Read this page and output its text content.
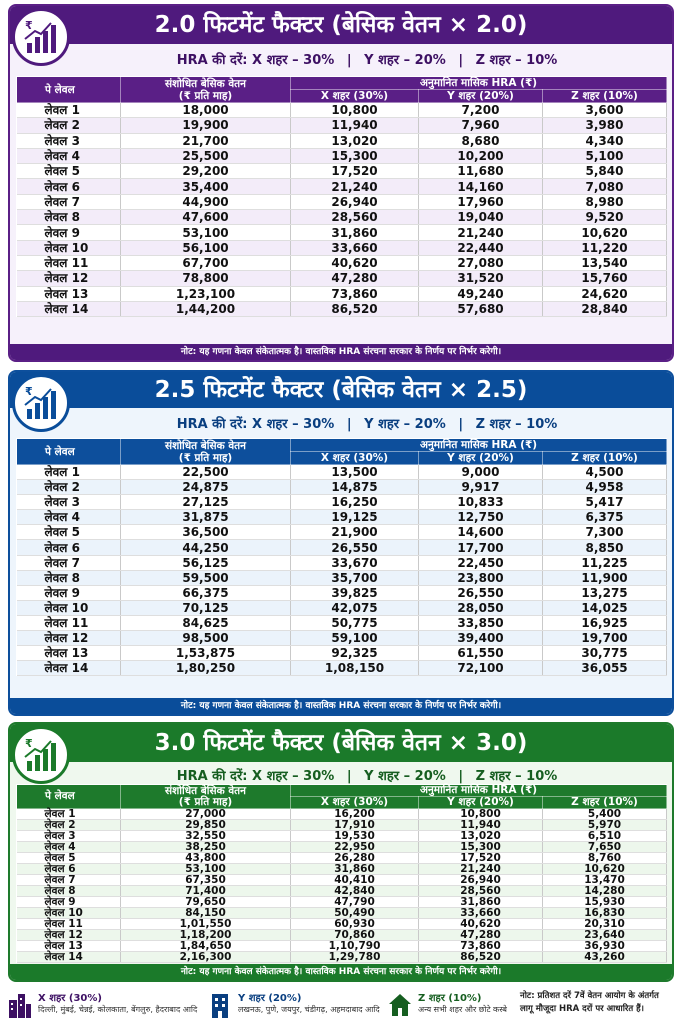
₹	2.0 फिटमेंट फैक्टर (बेसिक वेतन × 2.0)
HRA की दरें: X शहर – 30% | Y शहर – 20% | Z शहर – 10%
पे लेवल	संशोधित बेसिक वेतन
(₹ प्रति माह)	अनुमानित मासिक HRA (₹)		
		X शहर (30%)	Y शहर (20%)	Z शहर (10%)
लेवल 1	18,000	10,800	7,200	3,600
लेवल 2	19,900	11,940	7,960	3,980
लेवल 3	21,700	13,020	8,680	4,340
लेवल 4	25,500	15,300	10,200	5,100
लेवल 5	29,200	17,520	11,680	5,840
लेवल 6	35,400	21,240	14,160	7,080
लेवल 7	44,900	26,940	17,960	8,980
लेवल 8	47,600	28,560	19,040	9,520
लेवल 9	53,100	31,860	21,240	10,620
लेवल 10	56,100	33,660	22,440	11,220
लेवल 11	67,700	40,620	27,080	13,540
लेवल 12	78,800	47,280	31,520	15,760
लेवल 13	1,23,100	73,860	49,240	24,620
लेवल 14	1,44,200	86,520	57,680	28,840
नोट: यह गणना केवल संकेतात्मक है। वास्तविक HRA संरचना सरकार के निर्णय पर निर्भर करेगी।
₹	2.5 फिटमेंट फैक्टर (बेसिक वेतन × 2.5)
HRA की दरें: X शहर – 30% | Y शहर – 20% | Z शहर – 10%
पे लेवल	संशोधित बेसिक वेतन
(₹ प्रति माह)	अनुमानित मासिक HRA (₹)		
		X शहर (30%)	Y शहर (20%)	Z शहर (10%)
लेवल 1	22,500	13,500	9,000	4,500
लेवल 2	24,875	14,875	9,917	4,958
लेवल 3	27,125	16,250	10,833	5,417
लेवल 4	31,875	19,125	12,750	6,375
लेवल 5	36,500	21,900	14,600	7,300
लेवल 6	44,250	26,550	17,700	8,850
लेवल 7	56,125	33,670	22,450	11,225
लेवल 8	59,500	35,700	23,800	11,900
लेवल 9	66,375	39,825	26,550	13,275
लेवल 10	70,125	42,075	28,050	14,025
लेवल 11	84,625	50,775	33,850	16,925
लेवल 12	98,500	59,100	39,400	19,700
लेवल 13	1,53,875	92,325	61,550	30,775
लेवल 14	1,80,250	1,08,150	72,100	36,055
नोट: यह गणना केवल संकेतात्मक है। वास्तविक HRA संरचना सरकार के निर्णय पर निर्भर करेगी।
₹	3.0 फिटमेंट फैक्टर (बेसिक वेतन × 3.0)
HRA की दरें: X शहर – 30% | Y शहर – 20% | Z शहर – 10%
पे लेवल	संशोधित बेसिक वेतन
(₹ प्रति माह)	अनुमानित मासिक HRA (₹)		
		X शहर (30%)	Y शहर (20%)	Z शहर (10%)
लेवल 1	27,000	16,200	10,800	5,400
लेवल 2	29,850	17,910	11,940	5,970
लेवल 3	32,550	19,530	13,020	6,510
लेवल 4	38,250	22,950	15,300	7,650
लेवल 5	43,800	26,280	17,520	8,760
लेवल 6	53,100	31,860	21,240	10,620
लेवल 7	67,350	40,410	26,940	13,470
लेवल 8	71,400	42,840	28,560	14,280
लेवल 9	79,650	47,790	31,860	15,930
लेवल 10	84,150	50,490	33,660	16,830
लेवल 11	1,01,550	60,930	40,620	20,310
लेवल 12	1,18,200	70,860	47,280	23,640
लेवल 13	1,84,650	1,10,790	73,860	36,930
लेवल 14	2,16,300	1,29,780	86,520	43,260
नोट: यह गणना केवल संकेतात्मक है। वास्तविक HRA संरचना सरकार के निर्णय पर निर्भर करेगी।
X शहर (30%)
दिल्ली, मुंबई, चेन्नई, कोलकाता, बेंगलुरु, हैदराबाद आदि
Y शहर (20%)
लखनऊ, पुणे, जयपुर, चंडीगढ़, अहमदाबाद आदि
Z शहर (10%)
अन्य सभी शहर और छोटे कस्बे
नोट: प्रतिशत दरें 7वें वेतन आयोग के अंतर्गत लागू मौजूदा HRA दरों पर आधारित हैं।
